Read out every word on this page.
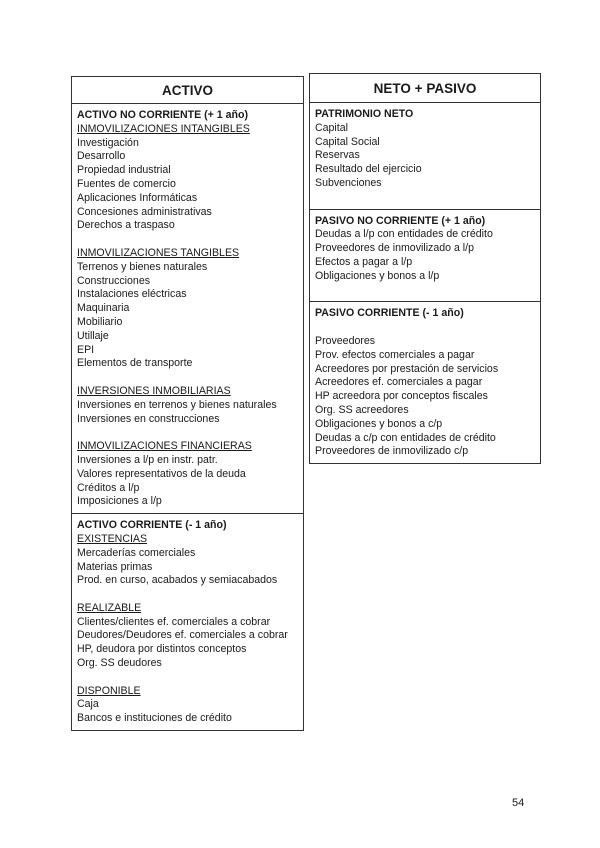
ACTIVO
ACTIVO NO CORRIENTE (+ 1 año)
INMOVILIZACIONES INTANGIBLES
Investigación
Desarrollo
Propiedad industrial
Fuentes de comercio
Aplicaciones Informáticas
Concesiones administrativas
Derechos a traspaso
INMOVILIZACIONES TANGIBLES
Terrenos y bienes naturales
Construcciones
Instalaciones eléctricas
Maquinaria
Mobiliario
Utillaje
EPI
Elementos de transporte
INVERSIONES INMOBILIARIAS
Inversiones en terrenos y bienes naturales
Inversiones en construcciones
INMOVILIZACIONES FINANCIERAS
Inversiones a l/p en instr. patr.
Valores representativos de la deuda
Créditos a l/p
Imposiciones a l/p
ACTIVO CORRIENTE (- 1 año)
EXISTENCIAS
Mercaderías comerciales
Materias primas
Prod. en curso, acabados y semiacabados
REALIZABLE
Clientes/clientes ef. comerciales a cobrar
Deudores/Deudores ef. comerciales a cobrar
HP, deudora por distintos conceptos
Org. SS deudores
DISPONIBLE
Caja
Bancos e instituciones de crédito
NETO + PASIVO
PATRIMONIO NETO
Capital
Capital Social
Reservas
Resultado del ejercicio
Subvenciones
PASIVO NO CORRIENTE (+ 1 año)
Deudas a l/p con entidades de crédito
Proveedores de inmovilizado a l/p
Efectos a pagar a l/p
Obligaciones y bonos a l/p
PASIVO CORRIENTE (- 1 año)
Proveedores
Prov. efectos comerciales a pagar
Acreedores por prestación de servicios
Acreedores ef. comerciales a pagar
HP acreedora por conceptos fiscales
Org. SS acreedores
Obligaciones y bonos a c/p
Deudas a c/p con entidades de crédito
Proveedores de inmovilizado c/p
54
